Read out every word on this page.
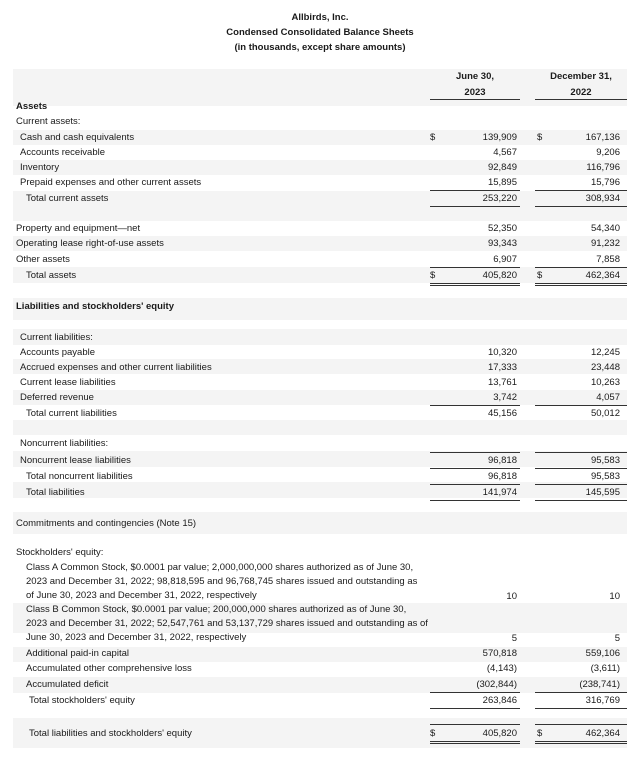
Allbirds, Inc.
Condensed Consolidated Balance Sheets
(in thousands, except share amounts)
June 30,
2023
December 31,
2022
Assets
Current assets:
Liabilities and stockholders' equity
Current liabilities:
Noncurrent liabilities:
Commitments and contingencies (Note 15)
Stockholders' equity:
Cash and cash equivalents	$	139,909 $	167,136
Accounts receivable	4,567	9,206
Inventory	92,849	116,796
Prepaid expenses and other current assets	15,895	15,796
Total current assets	253,220	308,934
Property and equipment—net	52,350	54,340
Operating lease right-of-use assets	93,343	91,232
Other assets	6,907	7,858
Total assets	$	405,820 $	462,364
Accounts payable	10,320	12,245
Accrued expenses and other current liabilities	17,333	23,448
Current lease liabilities	13,761	10,263
Deferred revenue	3,742	4,057
Total current liabilities	45,156	50,012
Noncurrent lease liabilities	96,818	95,583
Total noncurrent liabilities	96,818	95,583
Total liabilities	141,974	145,595
Class A Common Stock, $0.0001 par value; 2,000,000,000 shares authorized as of June 30, 2023 and December 31, 2022; 98,818,595 and 96,768,745 shares issued and outstanding as of June 30, 2023 and December 31, 2022, respectively	10	10
Class B Common Stock, $0.0001 par value; 200,000,000 shares authorized as of June 30, 2023 and December 31, 2022; 52,547,761 and 53,137,729 shares issued and outstanding as of June 30, 2023 and December 31, 2022, respectively	5	5
Additional paid-in capital	570,818	559,106
Accumulated other comprehensive loss	(4,143)	(3,611)
Accumulated deficit	(302,844)	(238,741)
Total stockholders' equity	263,846	316,769
Total liabilities and stockholders' equity	$	405,820 $	462,364
